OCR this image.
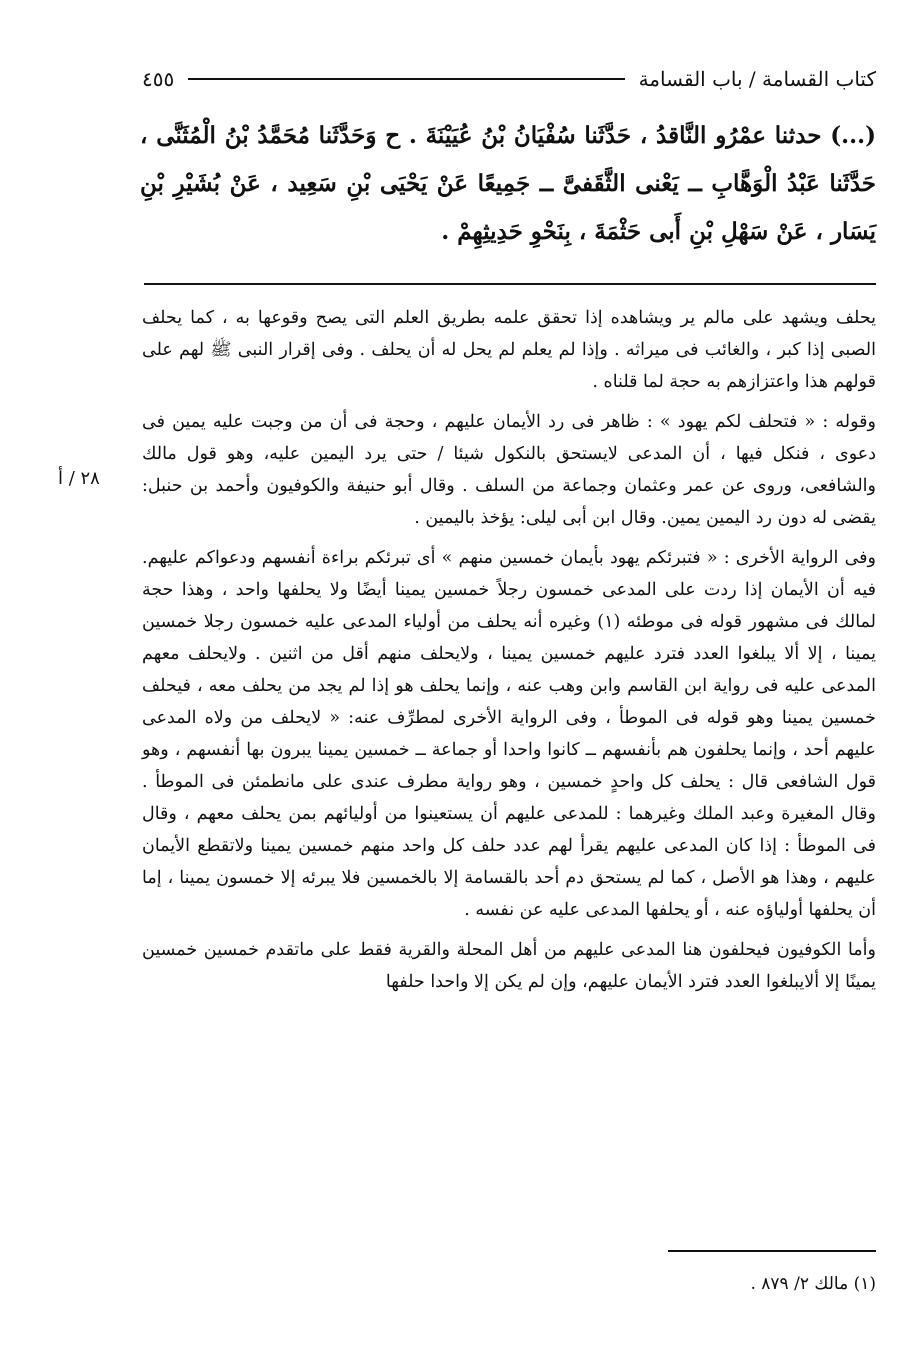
كتاب القسامة / باب القسامة
٤٥٥
(...) حدثنا عمْرُو النَّاقدُ ، حَدَّثَنا سُفْيَانُ بْنُ عُيَيْنَةَ . ح وَحَدَّثَنا مُحَمَّدُ بْنُ الْمُثَنَّى ، حَدَّثَنا عَبْدُ الْوَهَّابِ ــ يَعْنى الثَّقَفىَّ ــ جَمِيعًا عَنْ يَحْيَى بْنِ سَعِيد ، عَنْ بُشَيْرِ بْنِ يَسَار ، عَنْ سَهْلِ بْنِ أَبى حَثْمَةَ ، بِنَحْوِ حَدِيثِهِمْ .
٢٨ / أ

يحلف ويشهد على مالم ير ويشاهده إذا تحقق علمه بطريق العلم التى يصح وقوعها به ، كما يحلف الصبى إذا كبر ، والغائب فى ميراثه . وإذا لم يعلم لم يحل له أن يحلف . وفى إقرار النبى ﷺ لهم على قولهم هذا واعتزازهم به حجة لما قلناه .

وقوله : « فتحلف لكم يهود » : ظاهر فى رد الأيمان عليهم ، وحجة فى أن من وجبت عليه يمين فى دعوى ، فنكل فيها ، أن المدعى لايستحق بالنكول شيئا / حتى يرد اليمين عليه، وهو قول مالك والشافعى، وروى عن عمر وعثمان وجماعة من السلف . وقال أبو حنيفة والكوفيون وأحمد بن حنبل: يقضى له دون رد اليمين يمين. وقال ابن أبى ليلى: يؤخذ باليمين .

وفى الرواية الأخرى : « فتبرئكم يهود بأيمان خمسين منهم » أى تبرئكم براءة أنفسهم ودعواكم عليهم. فيه أن الأيمان إذا ردت على المدعى خمسون رجلاً خمسين يمينا أيضًا ولا يحلفها واحد ، وهذا حجة لمالك فى مشهور قوله فى موطئه (١) وغيره أنه يحلف من أولياء المدعى عليه خمسون رجلا خمسين يمينا ، إلا ألا يبلغوا العدد فترد عليهم خمسين يمينا ، ولايحلف منهم أقل من اثنين . ولايحلف معهم المدعى عليه فى رواية ابن القاسم وابن وهب عنه ، وإنما يحلف هو إذا لم يجد من يحلف معه ، فيحلف خمسين يمينا وهو قوله فى الموطأ ، وفى الرواية الأخرى لمطرِّف عنه: « لايحلف من ولاه المدعى عليهم أحد ، وإنما يحلفون هم بأنفسهم ــ كانوا واحدا أو جماعة ــ خمسين يمينا يبرون بها أنفسهم ، وهو قول الشافعى قال : يحلف كل واحدٍ خمسين ، وهو رواية مطرف عندى على مانطمئن فى الموطأ . وقال المغيرة وعبد الملك وغيرهما : للمدعى عليهم أن يستعينوا من أوليائهم بمن يحلف معهم ، وقال فى الموطأ : إذا كان المدعى عليهم يقرأ لهم عدد حلف كل واحد منهم خمسين يمينا ولاتقطع الأيمان عليهم ، وهذا هو الأصل ، كما لم يستحق دم أحد بالقسامة إلا بالخمسين فلا يبرئه إلا خمسون يمينا ، إما أن يحلفها أولياؤه عنه ، أو يحلفها المدعى عليه عن نفسه .

وأما الكوفيون فيحلفون هنا المدعى عليهم من أهل المحلة والقرية فقط على ماتقدم خمسين خمسين يمينًا إلا ألايبلغوا العدد فترد الأيمان عليهم، وإن لم يكن إلا واحدا حلفها

(١) مالك ٢/ ٨٧٩ .
